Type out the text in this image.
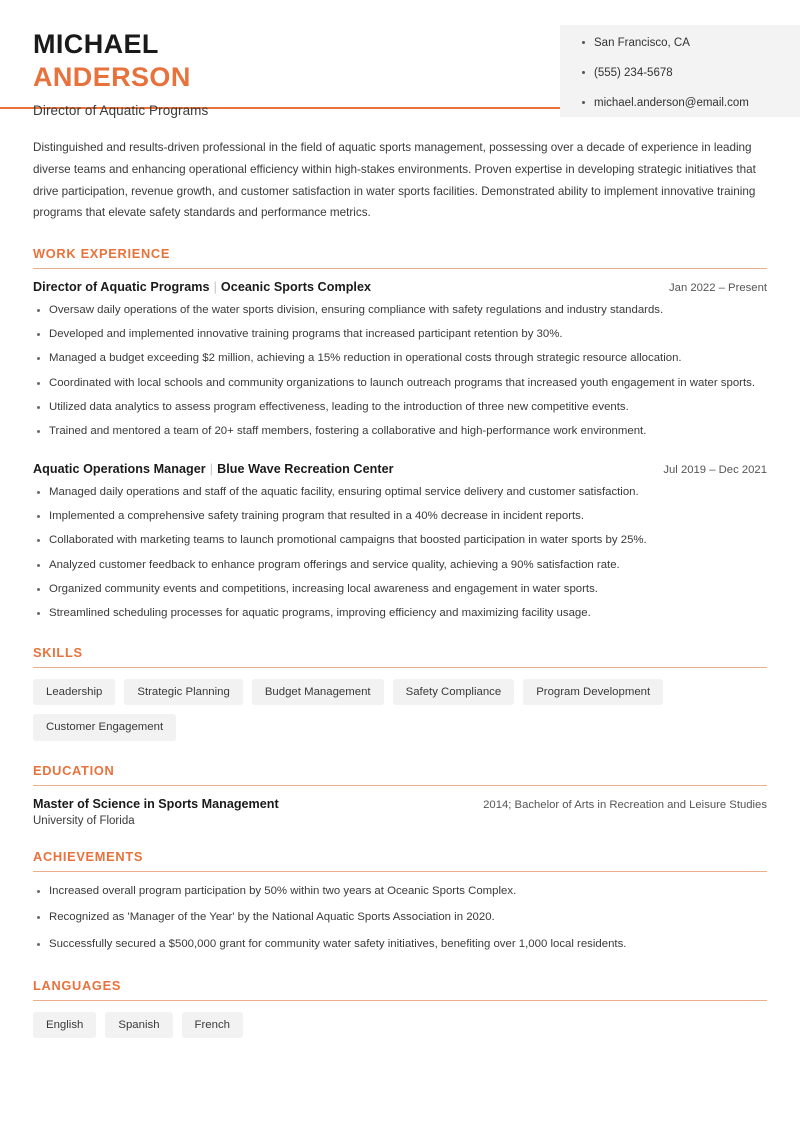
MICHAEL
ANDERSON
Director of Aquatic Programs
San Francisco, CA
(555) 234-5678
michael.anderson@email.com
Distinguished and results-driven professional in the field of aquatic sports management, possessing over a decade of experience in leading diverse teams and enhancing operational efficiency within high-stakes environments. Proven expertise in developing strategic initiatives that drive participation, revenue growth, and customer satisfaction in water sports facilities. Demonstrated ability to implement innovative training programs that elevate safety standards and performance metrics.
WORK EXPERIENCE
Director of Aquatic Programs | Oceanic Sports Complex	Jan 2022 – Present
Oversaw daily operations of the water sports division, ensuring compliance with safety regulations and industry standards.
Developed and implemented innovative training programs that increased participant retention by 30%.
Managed a budget exceeding $2 million, achieving a 15% reduction in operational costs through strategic resource allocation.
Coordinated with local schools and community organizations to launch outreach programs that increased youth engagement in water sports.
Utilized data analytics to assess program effectiveness, leading to the introduction of three new competitive events.
Trained and mentored a team of 20+ staff members, fostering a collaborative and high-performance work environment.
Aquatic Operations Manager | Blue Wave Recreation Center	Jul 2019 – Dec 2021
Managed daily operations and staff of the aquatic facility, ensuring optimal service delivery and customer satisfaction.
Implemented a comprehensive safety training program that resulted in a 40% decrease in incident reports.
Collaborated with marketing teams to launch promotional campaigns that boosted participation in water sports by 25%.
Analyzed customer feedback to enhance program offerings and service quality, achieving a 90% satisfaction rate.
Organized community events and competitions, increasing local awareness and engagement in water sports.
Streamlined scheduling processes for aquatic programs, improving efficiency and maximizing facility usage.
SKILLS
Leadership	Strategic Planning	Budget Management	Safety Compliance	Program Development
Customer Engagement
EDUCATION
Master of Science in Sports Management	2014; Bachelor of Arts in Recreation and Leisure Studies
University of Florida
ACHIEVEMENTS
Increased overall program participation by 50% within two years at Oceanic Sports Complex.
Recognized as 'Manager of the Year' by the National Aquatic Sports Association in 2020.
Successfully secured a $500,000 grant for community water safety initiatives, benefiting over 1,000 local residents.
LANGUAGES
English	Spanish	French
